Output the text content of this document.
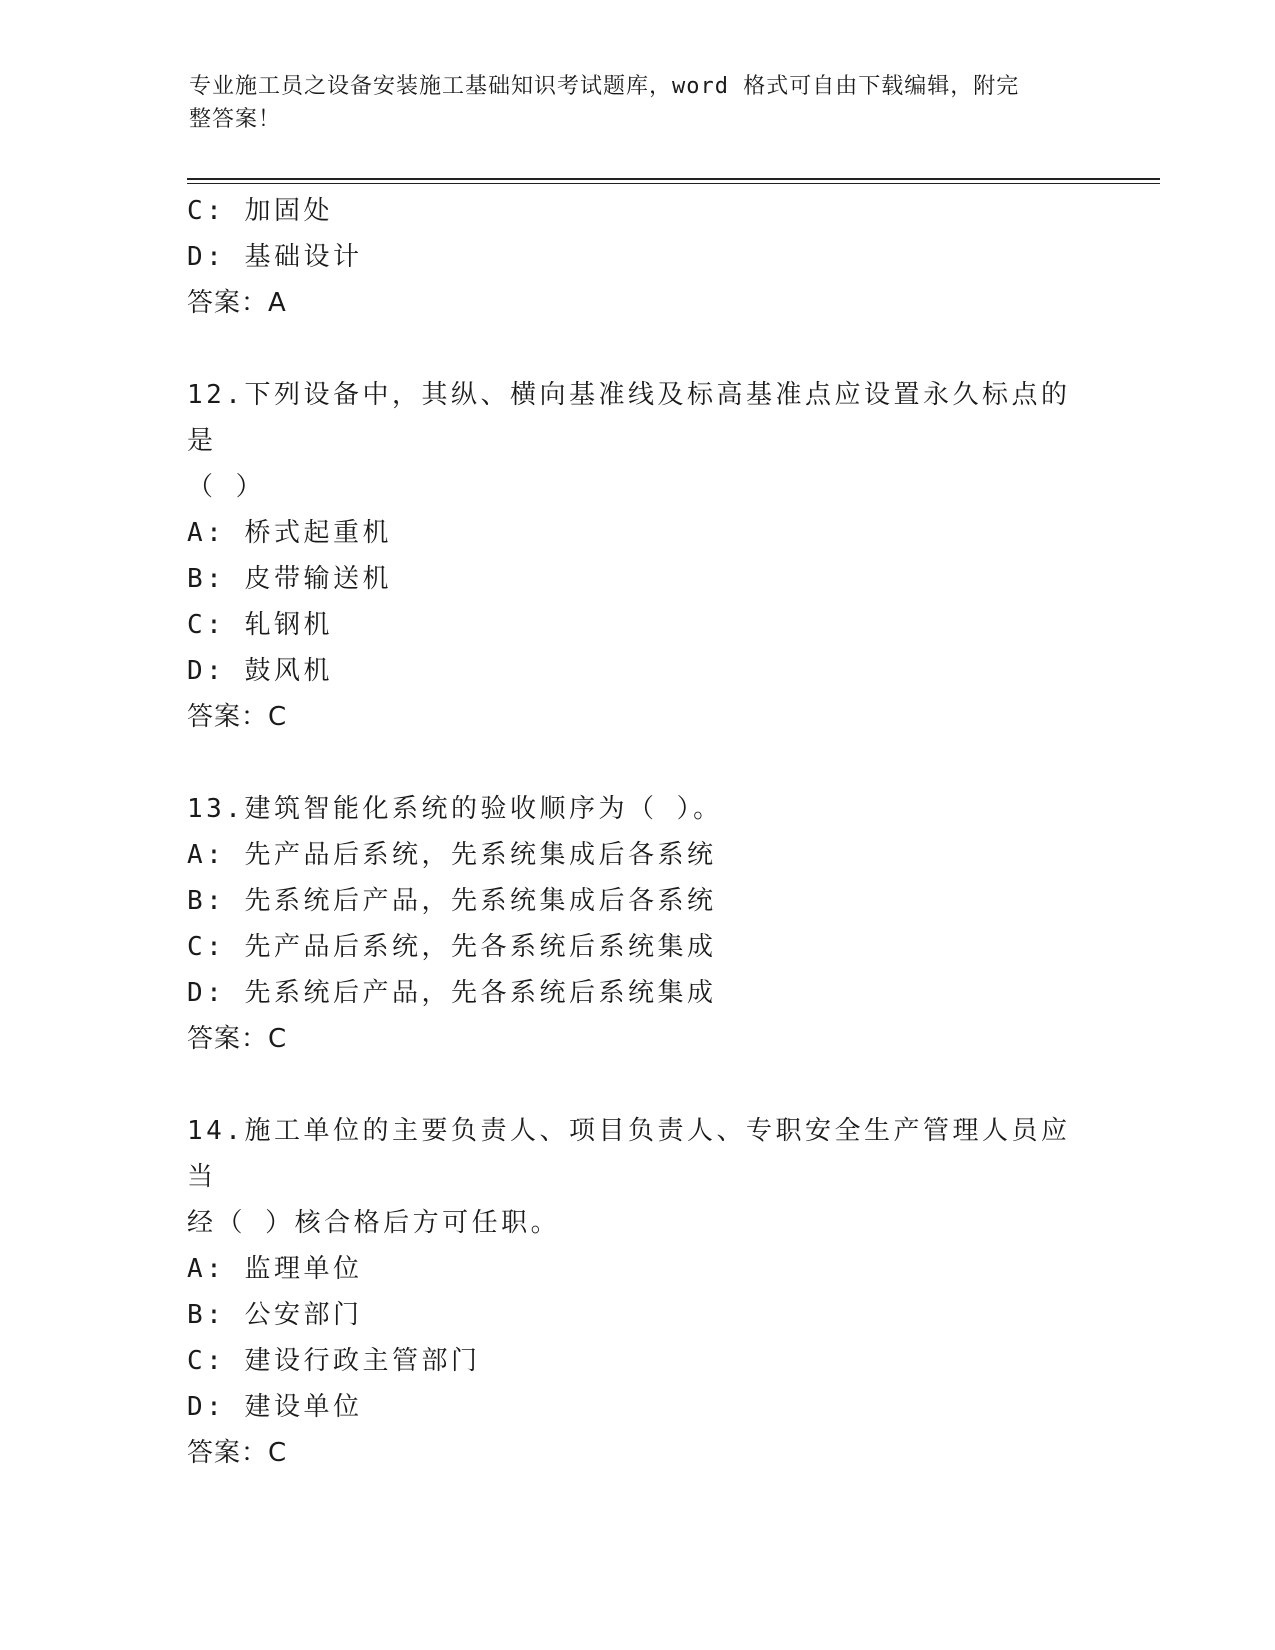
专业施工员之设备安装施工基础知识考试题库，word 格式可自由下载编辑，附完
整答案！
C: 加固处
D: 基础设计
答案：A
12.下列设备中，其纵、横向基准线及标高基准点应设置永久标点的是
（ ）
A: 桥式起重机
B: 皮带输送机
C: 轧钢机
D: 鼓风机
答案：C
13.建筑智能化系统的验收顺序为（ ）。
A: 先产品后系统，先系统集成后各系统
B: 先系统后产品，先系统集成后各系统
C: 先产品后系统，先各系统后系统集成
D: 先系统后产品，先各系统后系统集成
答案：C
14.施工单位的主要负责人、项目负责人、专职安全生产管理人员应当
经（ ）核合格后方可任职。
A: 监理单位
B: 公安部门
C: 建设行政主管部门
D: 建设单位
答案：C
